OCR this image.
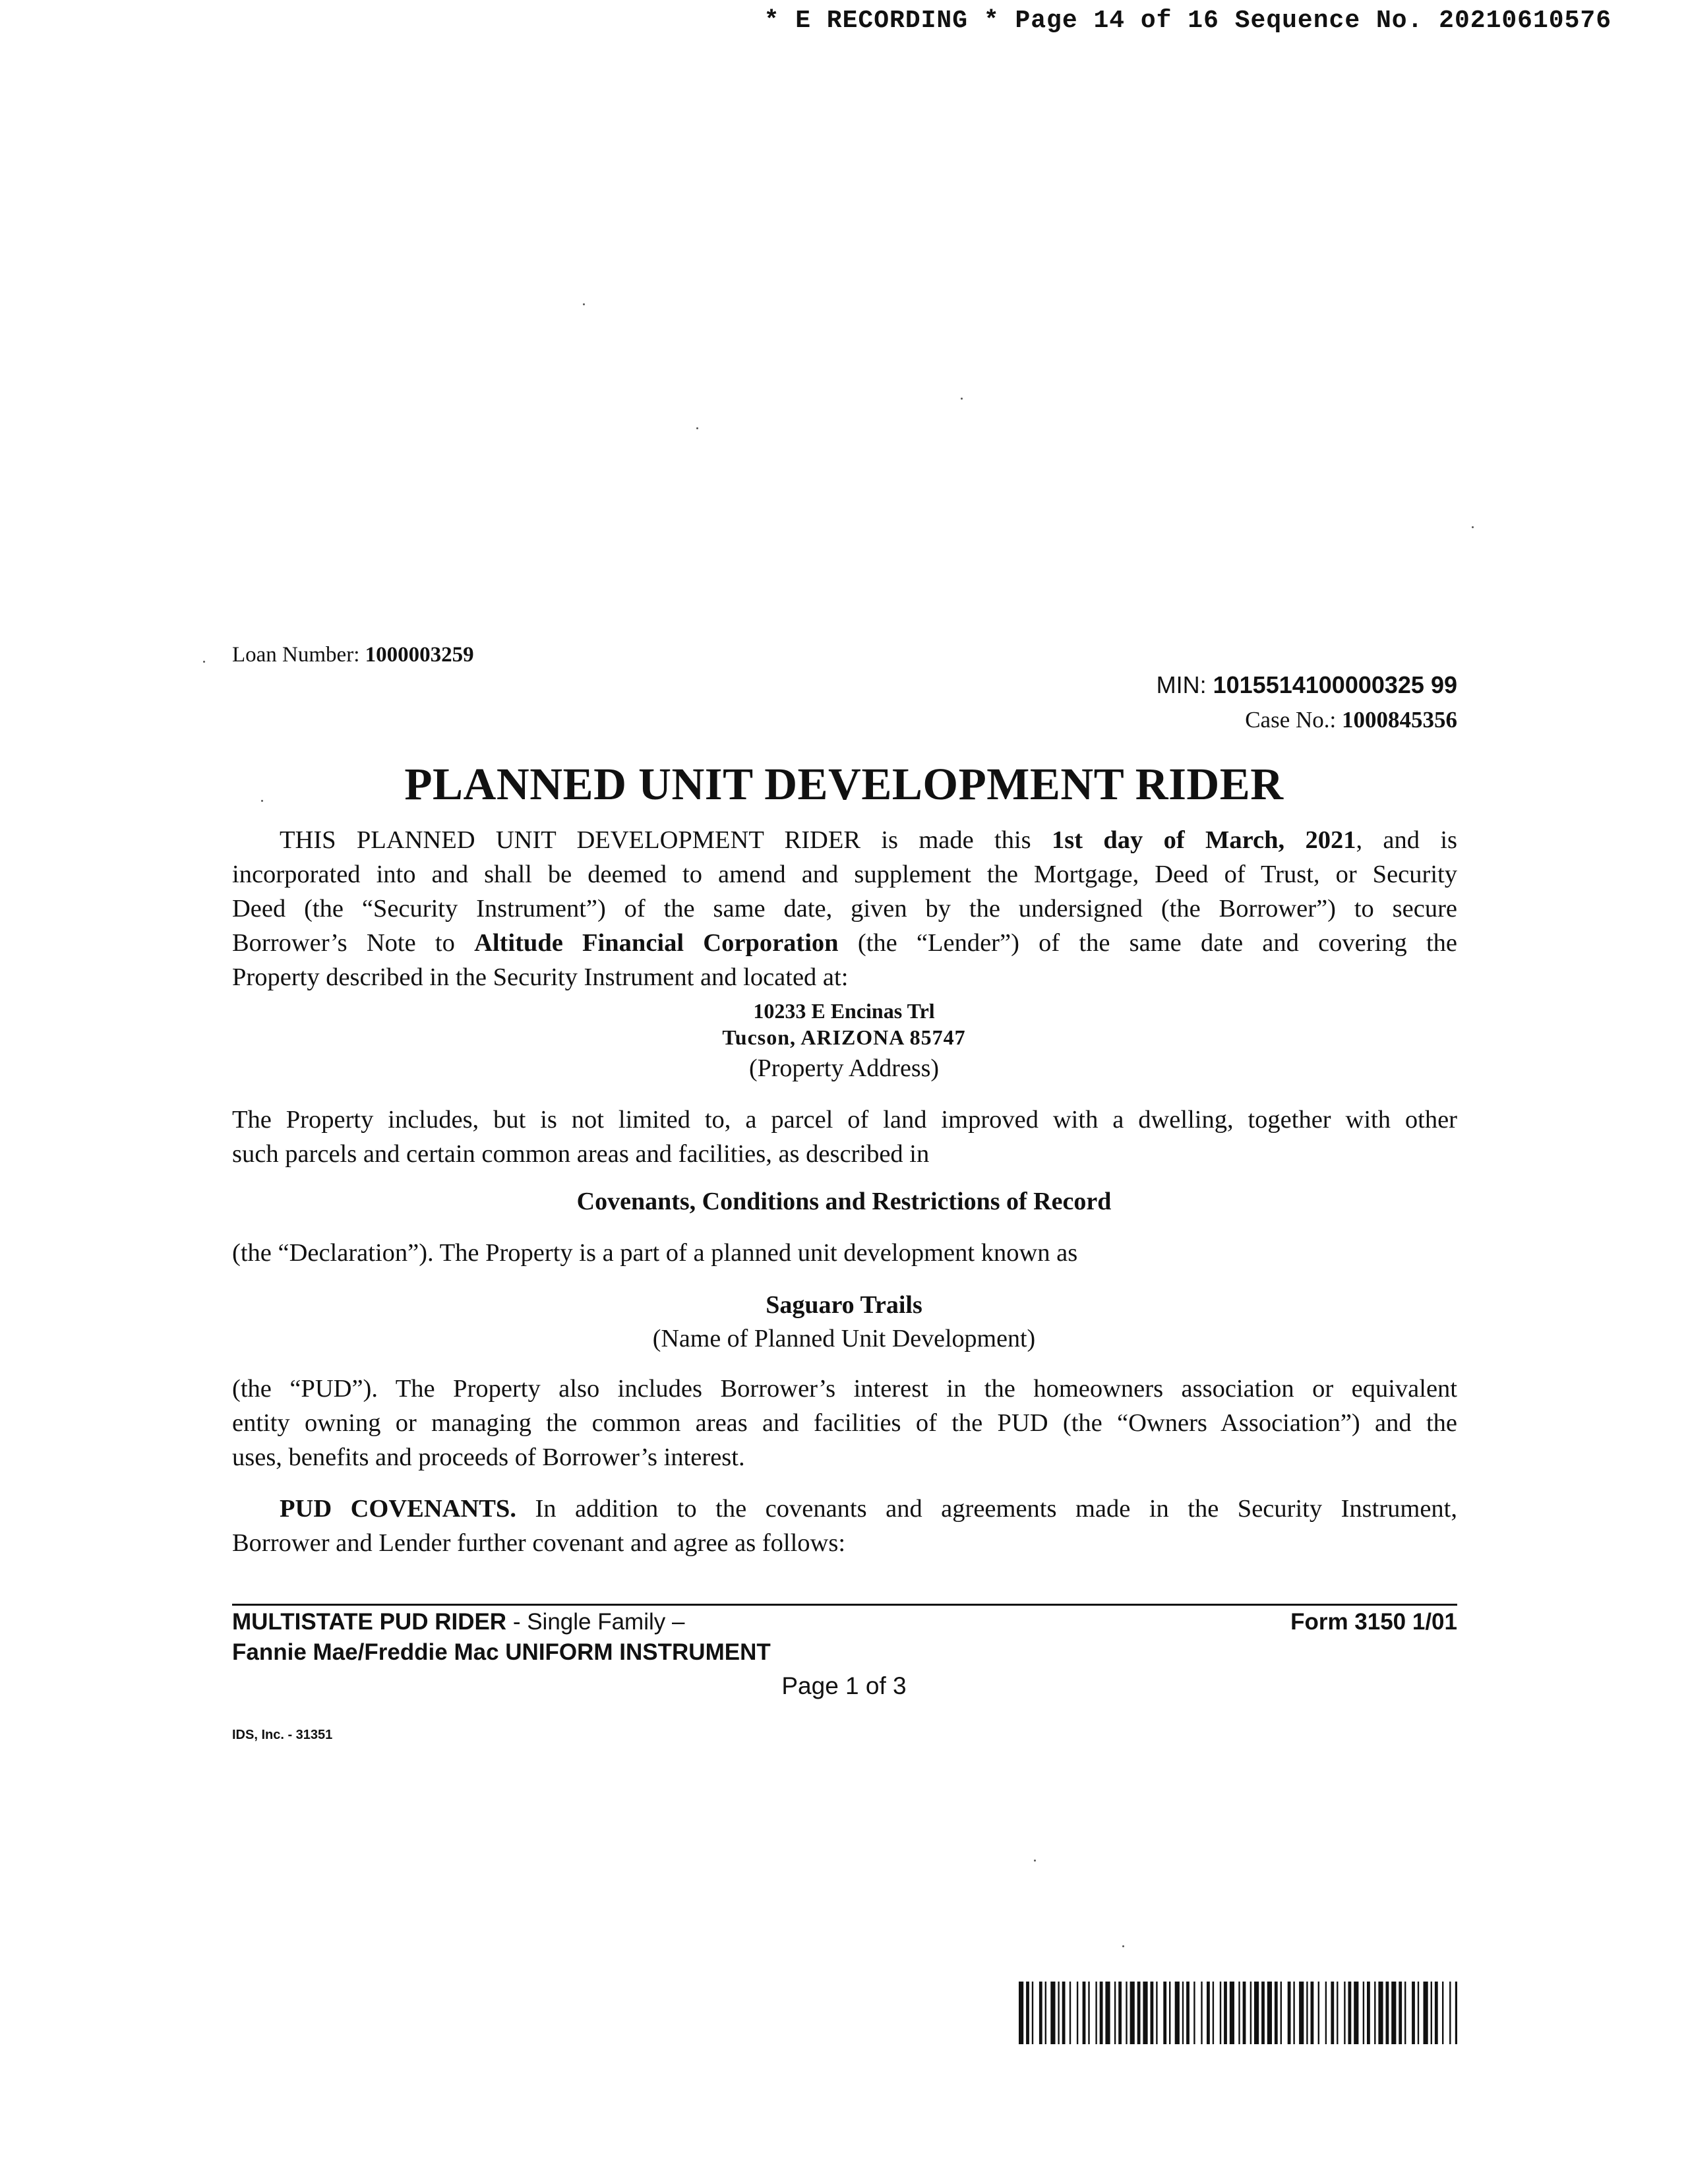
* E RECORDING * Page 14 of 16 Sequence No. 20210610576
Loan Number: 1000003259
MIN: 1015514100000325 99
Case No.: 1000845356
PLANNED UNIT DEVELOPMENT RIDER
THIS PLANNED UNIT DEVELOPMENT RIDER is made this 1st day of March, 2021, and is
incorporated into and shall be deemed to amend and supplement the Mortgage, Deed of Trust, or Security
Deed (the “Security Instrument”) of the same date, given by the undersigned (the Borrower”) to secure
Borrower’s Note to Altitude Financial Corporation (the “Lender”) of the same date and covering the
Property described in the Security Instrument and located at:
10233 E Encinas Trl
Tucson, ARIZONA 85747
(Property Address)
The Property includes, but is not limited to, a parcel of land improved with a dwelling, together with other
such parcels and certain common areas and facilities, as described in
Covenants, Conditions and Restrictions of Record
(the “Declaration”). The Property is a part of a planned unit development known as
Saguaro Trails
(Name of Planned Unit Development)
(the “PUD”). The Property also includes Borrower’s interest in the homeowners association or equivalent
entity owning or managing the common areas and facilities of the PUD (the “Owners Association”) and the
uses, benefits and proceeds of Borrower’s interest.
PUD COVENANTS. In addition to the covenants and agreements made in the Security Instrument,
Borrower and Lender further covenant and agree as follows:
MULTISTATE PUD RIDER - Single Family –
Fannie Mae/Freddie Mac UNIFORM INSTRUMENT
Form 3150 1/01
Page 1 of 3
IDS, Inc. - 31351
